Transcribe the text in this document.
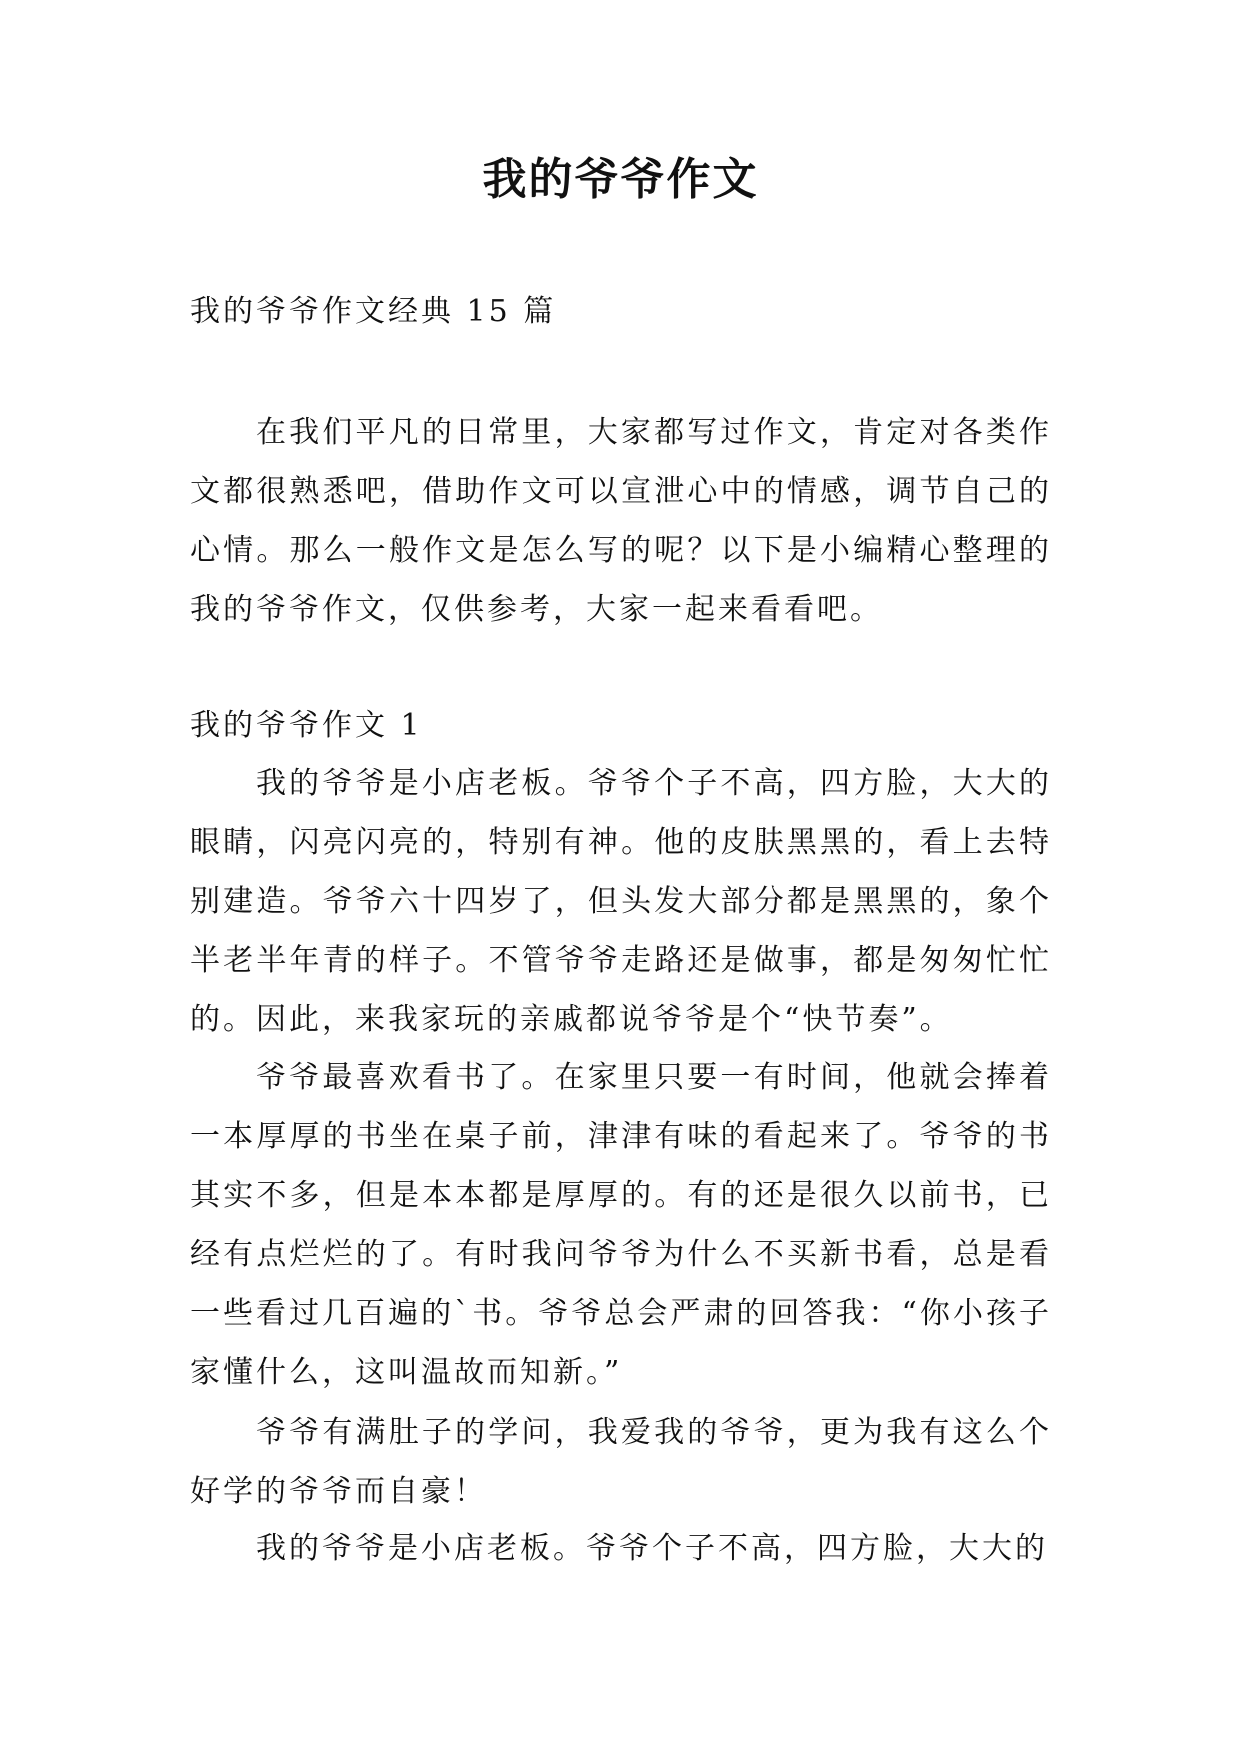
我的爷爷作文

我的爷爷作文经典 15 篇

在我们平凡的日常里，大家都写过作文，肯定对各类作文都很熟悉吧，借助作文可以宣泄心中的情感，调节自己的心情。那么一般作文是怎么写的呢？以下是小编精心整理的我的爷爷作文，仅供参考，大家一起来看看吧。

我的爷爷作文 1

我的爷爷是小店老板。爷爷个子不高，四方脸，大大的眼睛，闪亮闪亮的，特别有神。他的皮肤黑黑的，看上去特别建造。爷爷六十四岁了，但头发大部分都是黑黑的，象个半老半年青的样子。不管爷爷走路还是做事，都是匆匆忙忙的。因此，来我家玩的亲戚都说爷爷是个“快节奏”。

爷爷最喜欢看书了。在家里只要一有时间，他就会捧着一本厚厚的书坐在桌子前，津津有味的看起来了。爷爷的书其实不多，但是本本都是厚厚的。有的还是很久以前书，已经有点烂烂的了。有时我问爷爷为什么不买新书看，总是看一些看过几百遍的`书。爷爷总会严肃的回答我：“你小孩子家懂什么，这叫温故而知新。”

爷爷有满肚子的学问，我爱我的爷爷，更为我有这么个好学的爷爷而自豪！

我的爷爷是小店老板。爷爷个子不高，四方脸，大大的
